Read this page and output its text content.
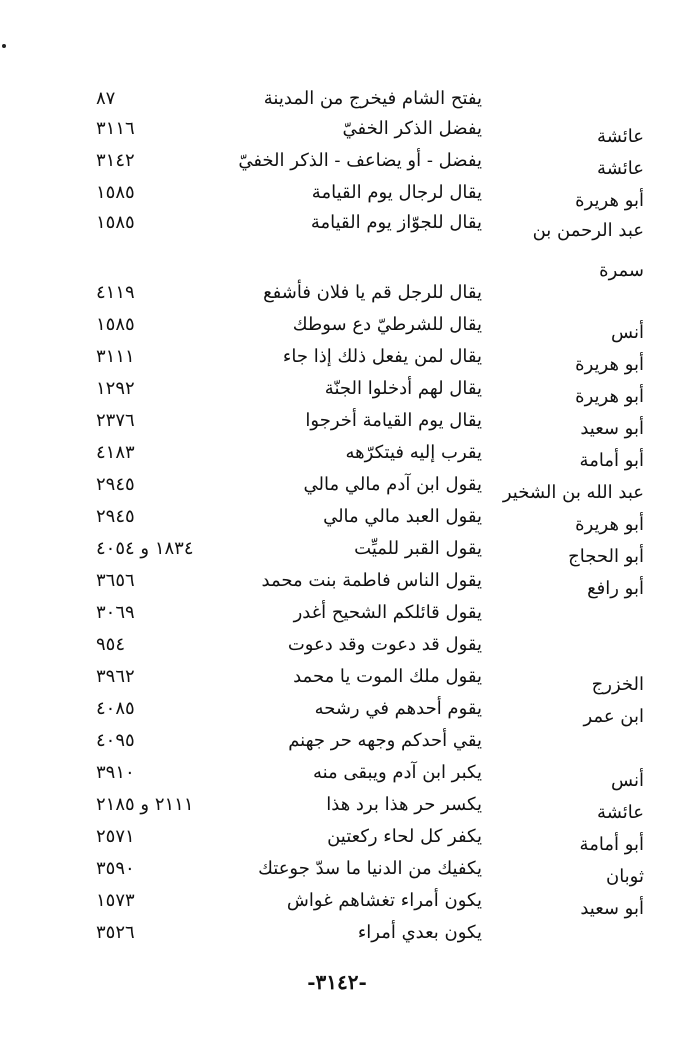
يفتح الشام فيخرج من المدينة
٨٧
عائشة
يفضل الذكر الخفيّ
٣١١٦
عائشة
يفضل - أو يضاعف - الذكر الخفيّ
٣١٤٢
أبو هريرة
يقال لرجال يوم القيامة
١٥٨٥
عبد الرحمن بن
يقال للجوّاز يوم القيامة
١٥٨٥
سمرة
يقال للرجل قم يا فلان فأشفع
٤١١٩
أنس
يقال للشرطيّ دع سوطك
١٥٨٥
أبو هريرة
يقال لمن يفعل ذلك إذا جاء
٣١١١
أبو هريرة
يقال لهم أدخلوا الجنّة
١٢٩٢
أبو سعيد
يقال يوم القيامة أخرجوا
٢٣٧٦
أبو أمامة
يقرب إليه فيتكرّهه
٤١٨٣
عبد الله بن الشخير
يقول ابن آدم مالي مالي
٢٩٤٥
أبو هريرة
يقول العبد مالي مالي
٢٩٤٥
أبو الحجاج
يقول القبر للميِّت
١٨٣٤ و ٤٠٥٤
أبو رافع
يقول الناس فاطمة بنت محمد
٣٦٥٦
يقول قائلكم الشحيح أغدر
٣٠٦٩
يقول قد دعوت وقد دعوت
٩٥٤
الخزرج
يقول ملك الموت يا محمد
٣٩٦٢
ابن عمر
يقوم أحدهم في رشحه
٤٠٨٥
يقي أحدكم وجهه حر جهنم
٤٠٩٥
أنس
يكبر ابن آدم ويبقى منه
٣٩١٠
عائشة
يكسر حر هذا برد هذا
٢١١١ و ٢١٨٥
أبو أمامة
يكفر كل لحاء ركعتين
٢٥٧١
ثوبان
يكفيك من الدنيا ما سدّ جوعتك
٣٥٩٠
أبو سعيد
يكون أمراء تغشاهم غواش
١٥٧٣
يكون بعدي أمراء
٣٥٢٦
-٣١٤٢-
